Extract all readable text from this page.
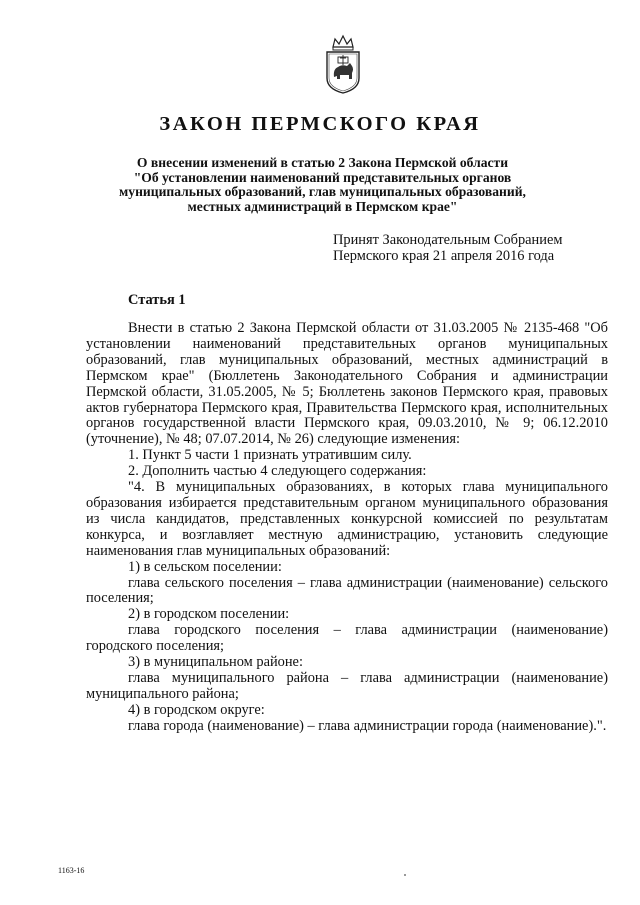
ЗАКОН ПЕРМСКОГО КРАЯ
О внесении изменений в статью 2 Закона Пермской области
"Об установлении наименований представительных органов
муниципальных образований, глав муниципальных образований,
местных администраций в Пермском крае"
Принят Законодательным Собранием
Пермского края 21 апреля 2016 года
Статья 1

Внести в статью 2 Закона Пермской области от 31.03.2005 № 2135-468 "Об установлении наименований представительных органов муниципальных образований, глав муниципальных образований, местных администраций в Пермском крае" (Бюллетень Законодательного Собрания и администрации Пермской области, 31.05.2005, № 5; Бюллетень законов Пермского края, правовых актов губернатора Пермского края, Правительства Пермского края, исполнительных органов государственной власти Пермского края, 09.03.2010, № 9; 06.12.2010 (уточнение), № 48; 07.07.2014, № 26) следующие изменения:

1. Пункт 5 части 1 признать утратившим силу.

2. Дополнить частью 4 следующего содержания:

"4. В муниципальных образованиях, в которых глава муниципального образования избирается представительным органом муниципального образования из числа кандидатов, представленных конкурсной комиссией по результатам конкурса, и возглавляет местную администрацию, установить следующие наименования глав муниципальных образований:

1) в сельском поселении:

глава сельского поселения – глава администрации (наименование) сельского поселения;

2) в городском поселении:

глава городского поселения – глава администрации (наименование) городского поселения;

3) в муниципальном районе:

глава муниципального района – глава администрации (наименование) муниципального района;

4) в городском округе:

глава города (наименование) – глава администрации города (наименование).".

1163-16
